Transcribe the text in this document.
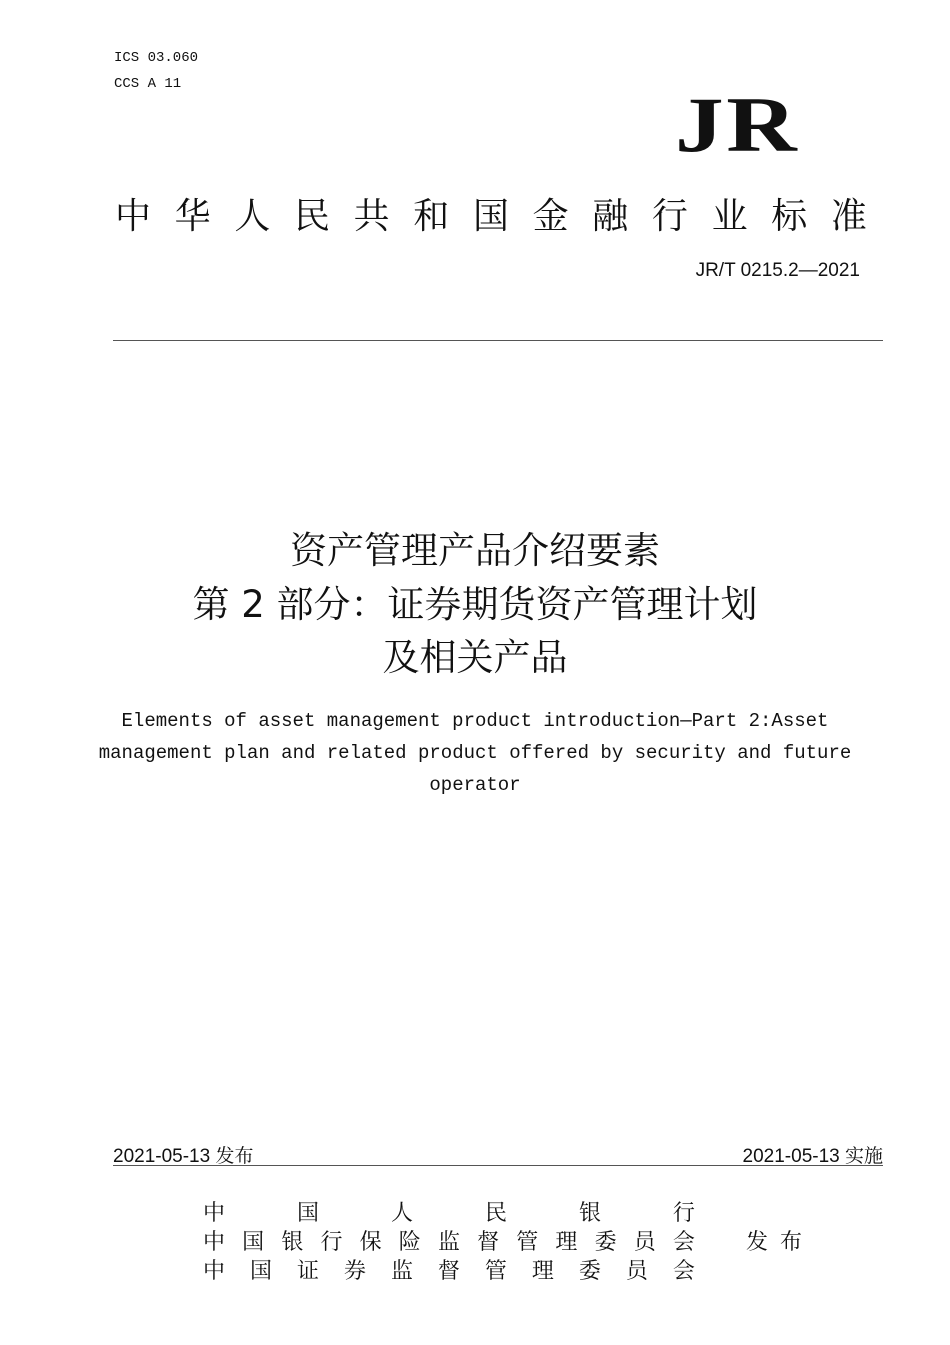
ICS 03.060
CCS A 11	JR
中 华 人 民 共 和 国 金 融 行 业 标 准
JR/T 0215.2—2021
资产管理产品介绍要素
第 2 部分：证券期货资产管理计划
及相关产品
Elements of asset management product introduction—Part 2:Asset
management plan and related product offered by security and future
operator
2021-05-13 发布	2021-05-13 实施
中	国	人	民	银	行
中 国 银 行 保 险 监 督 管 理 委 员 会
中 国 证 券 监 督 管 理 委 员 会
发布
